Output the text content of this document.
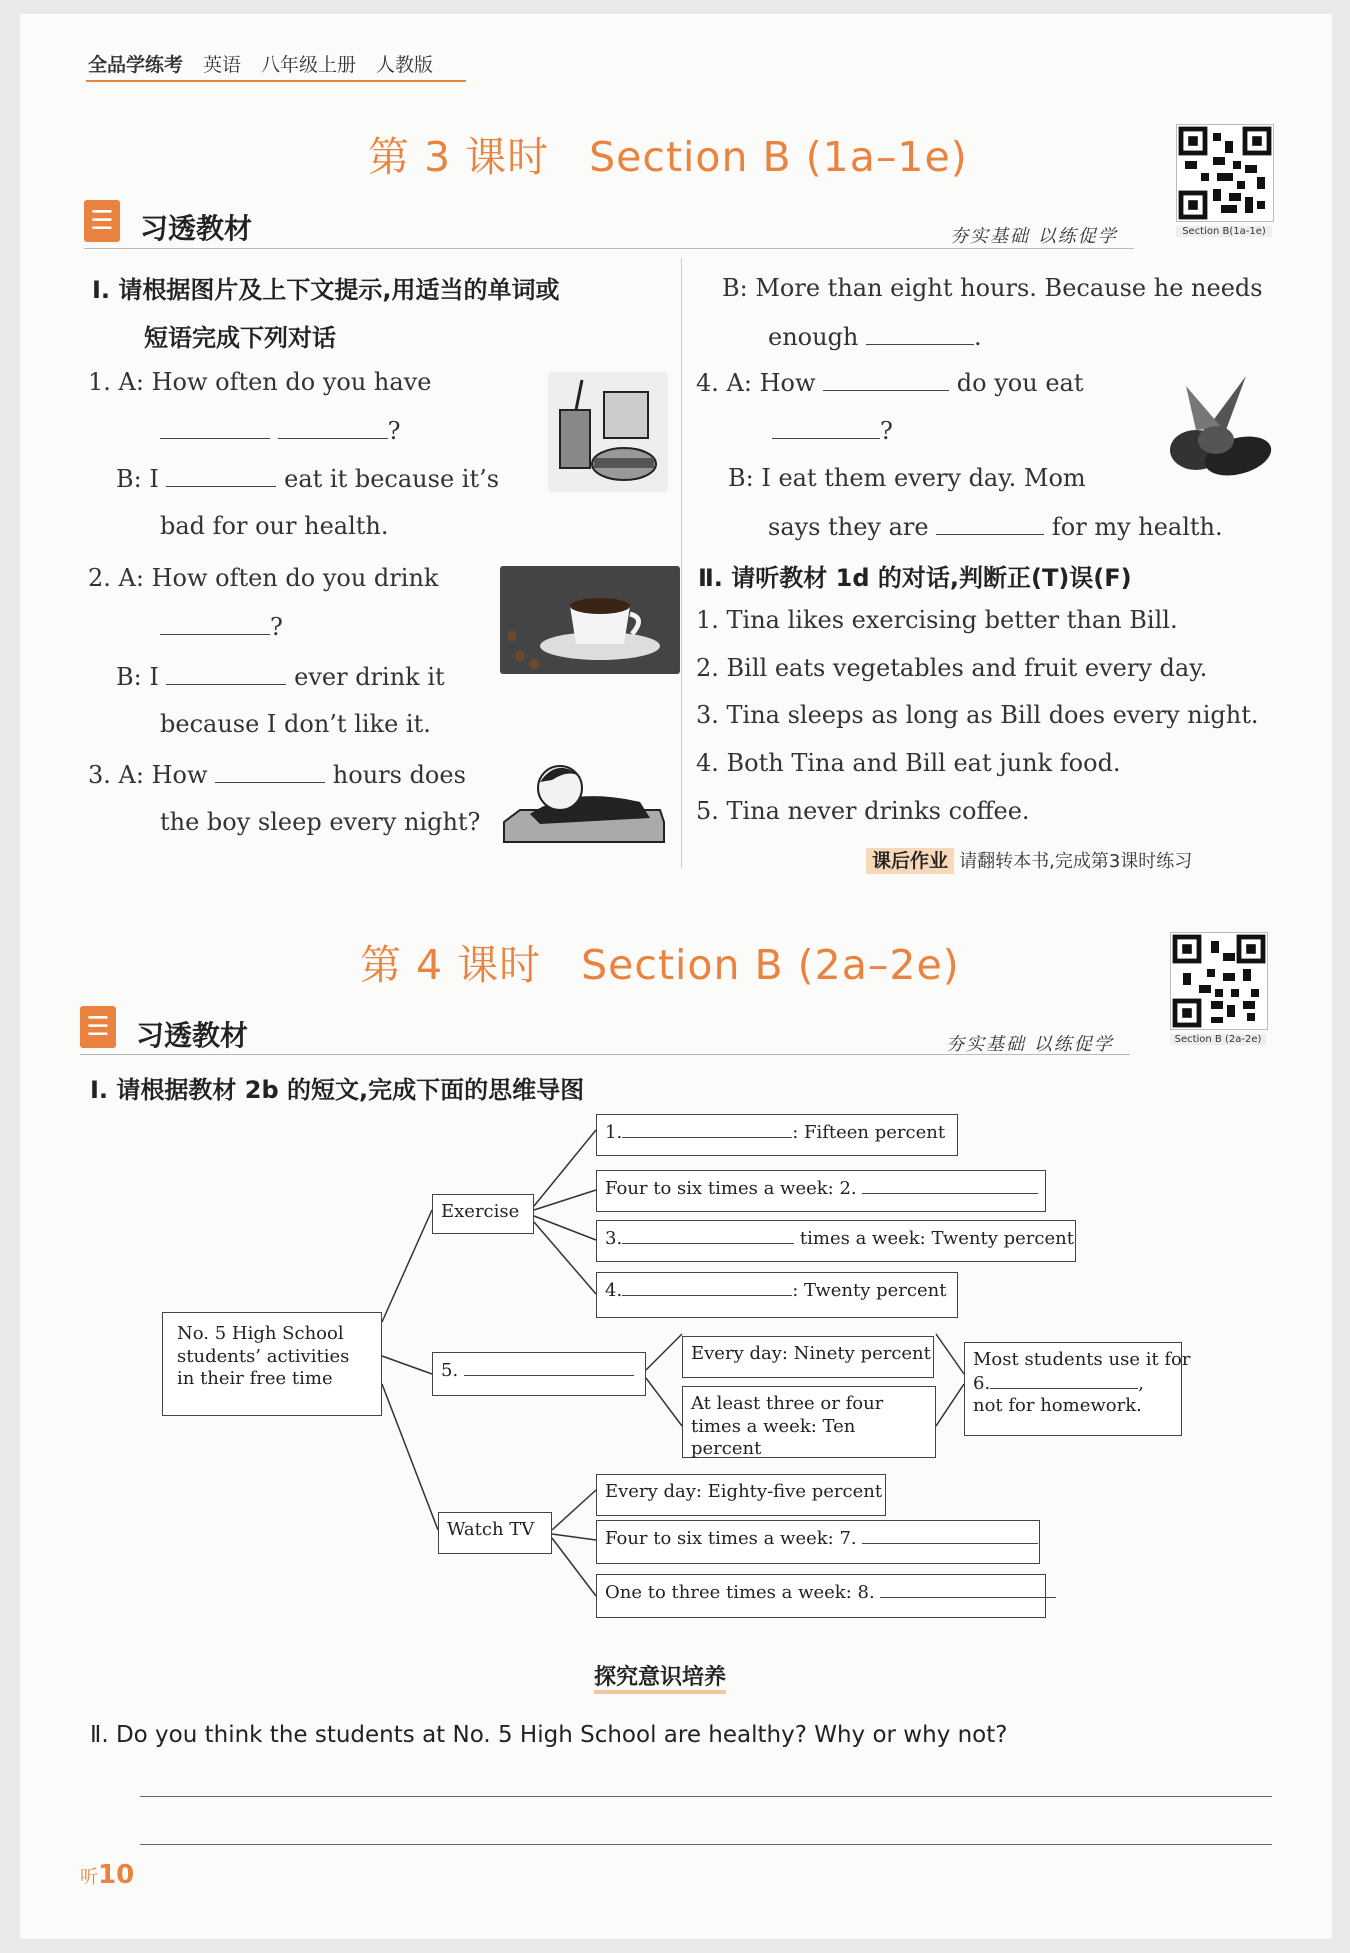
全品学练考 英语 八年级上册 人教版
第 3 课时 Section B (1a–1e)
Section B(1a-1e)
☰ 习透教材	夯实基础 以练促学
Ⅰ. 请根据图片及上下文提示,用适当的单词或
短语完成下列对话
1. A: How often do you have
?
B: I	eat it because it’s
bad for our health.
2. A: How often do you drink
?
B: I	ever drink it
because I don’t like it.
3. A: How	hours does
the boy sleep every night?
B: More than eight hours. Because he needs
enough	.
4. A: How	do you eat
?
B: I eat them every day. Mom
says they are	for my health.
Ⅱ. 请听教材 1d 的对话,判断正(T)误(F)
1. Tina likes exercising better than Bill.
2. Bill eats vegetables and fruit every day.
3. Tina sleeps as long as Bill does every night.
4. Both Tina and Bill eat junk food.
5. Tina never drinks coffee.
课后作业 请翻转本书,完成第3课时练习
第 4 课时 Section B (2a–2e)
Section B (2a-2e)
☰ 习透教材	夯实基础 以练促学
Ⅰ. 请根据教材 2b 的短文,完成下面的思维导图
No. 5 High School students’ activities in their free time
Exercise
1.	: Fifteen percent
Four to six times a week: 2.
3.	times a week: Twenty percent
4.	: Twenty percent
5.
Every day: Ninety percent
At least three or four times a week: Ten percent
Most students use it for
6.	,
not for homework.
Watch TV
Every day: Eighty-five percent
Four to six times a week: 7.
One to three times a week: 8.
探究意识培养
Ⅱ. Do you think the students at No. 5 High School are healthy? Why or why not?
听10
